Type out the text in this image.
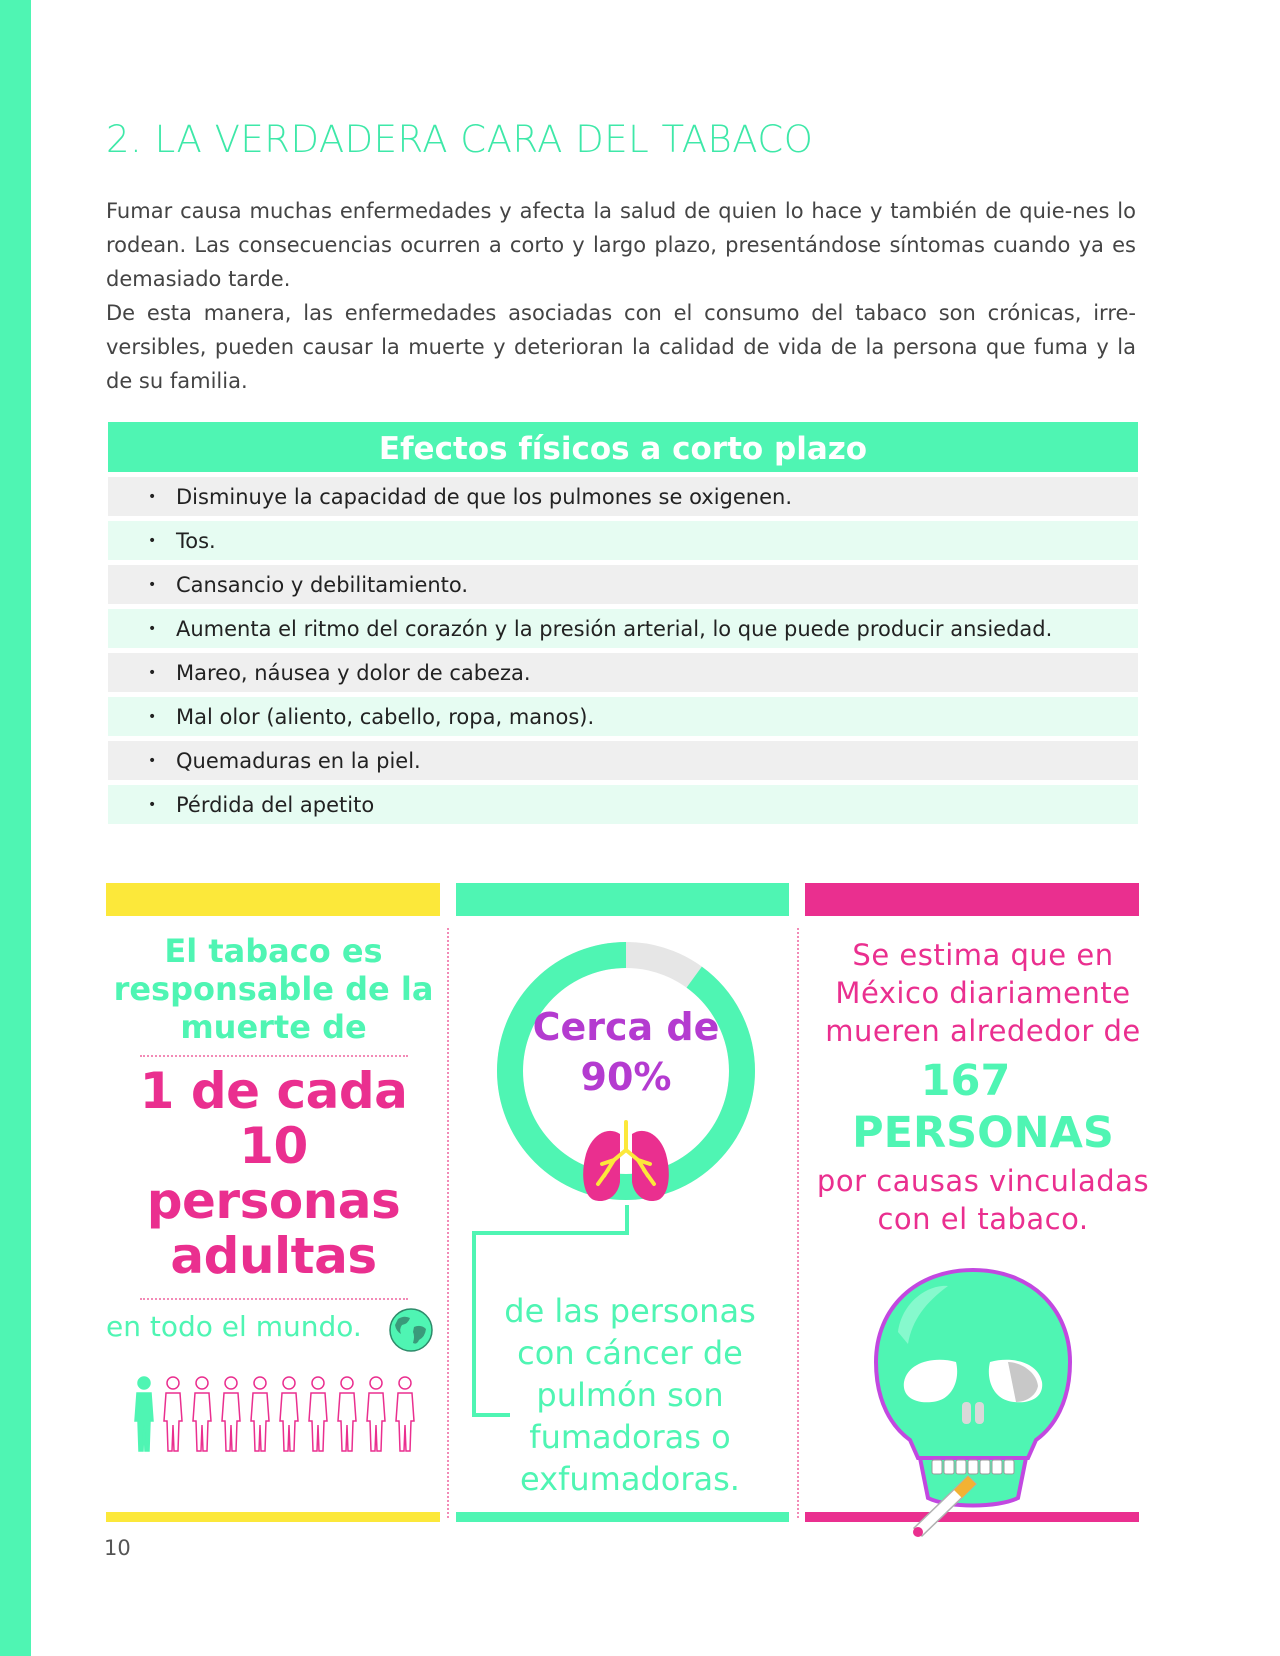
2. LA VERDADERA CARA DEL TABACO

Fumar causa muchas enfermedades y afecta la salud de quien lo hace y también de quie-nes lo rodean. Las consecuencias ocurren a corto y largo plazo, presentándose síntomas cuando ya es demasiado tarde.

De esta manera, las enfermedades asociadas con el consumo del tabaco son crónicas, irre-versibles, pueden causar la muerte y deterioran la calidad de vida de la persona que fuma y la de su familia.

Efectos físicos a corto plazo
• Disminuye la capacidad de que los pulmones se oxigenen.
• Tos.
• Cansancio y debilitamiento.
• Aumenta el ritmo del corazón y la presión arterial, lo que puede producir ansiedad.
• Mareo, náusea y dolor de cabeza.
• Mal olor (aliento, cabello, ropa, manos).
• Quemaduras en la piel.
• Pérdida del apetito
El tabaco es responsable de la muerte de
1 de cada 10 personas adultas
en todo el mundo.
Cerca de 90%
de las personas con cáncer de pulmón son fumadoras o exfumadoras.
Se estima que en México diariamente mueren alrededor de
167
PERSONAS
por causas vinculadas con el tabaco.
10
